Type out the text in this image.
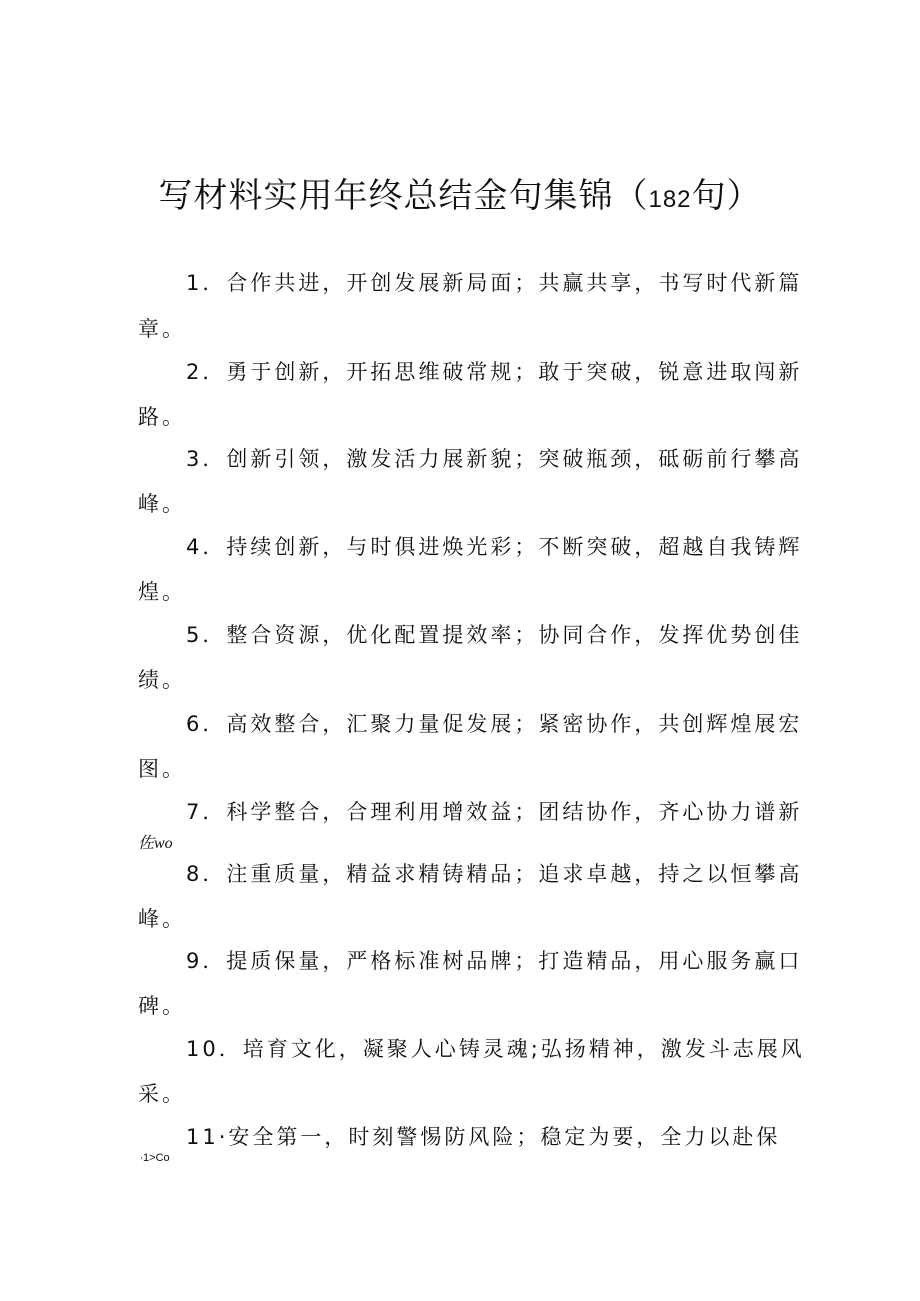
写材料实用年终总结金句集锦（182句）
1．合作共进，开创发展新局面；共赢共享，书写时代新篇
章。
2．勇于创新，开拓思维破常规；敢于突破，锐意进取闯新
路。
3．创新引领，激发活力展新貌；突破瓶颈，砥砺前行攀高
峰。
4．持续创新，与时俱进焕光彩；不断突破，超越自我铸辉
煌。
5．整合资源，优化配置提效率；协同合作，发挥优势创佳
绩。
6．高效整合，汇聚力量促发展；紧密协作，共创辉煌展宏
图。
7．科学整合，合理利用增效益；团结协作，齐心协力谱新
佐wo
8．注重质量，精益求精铸精品；追求卓越，持之以恒攀高
峰。
9．提质保量，严格标准树品牌；打造精品，用心服务赢口
碑。
10．培育文化，凝聚人心铸灵魂;弘扬精神，激发斗志展风
采。
11·安全第一，时刻警惕防风险；稳定为要，全力以赴保
∙1>Co
